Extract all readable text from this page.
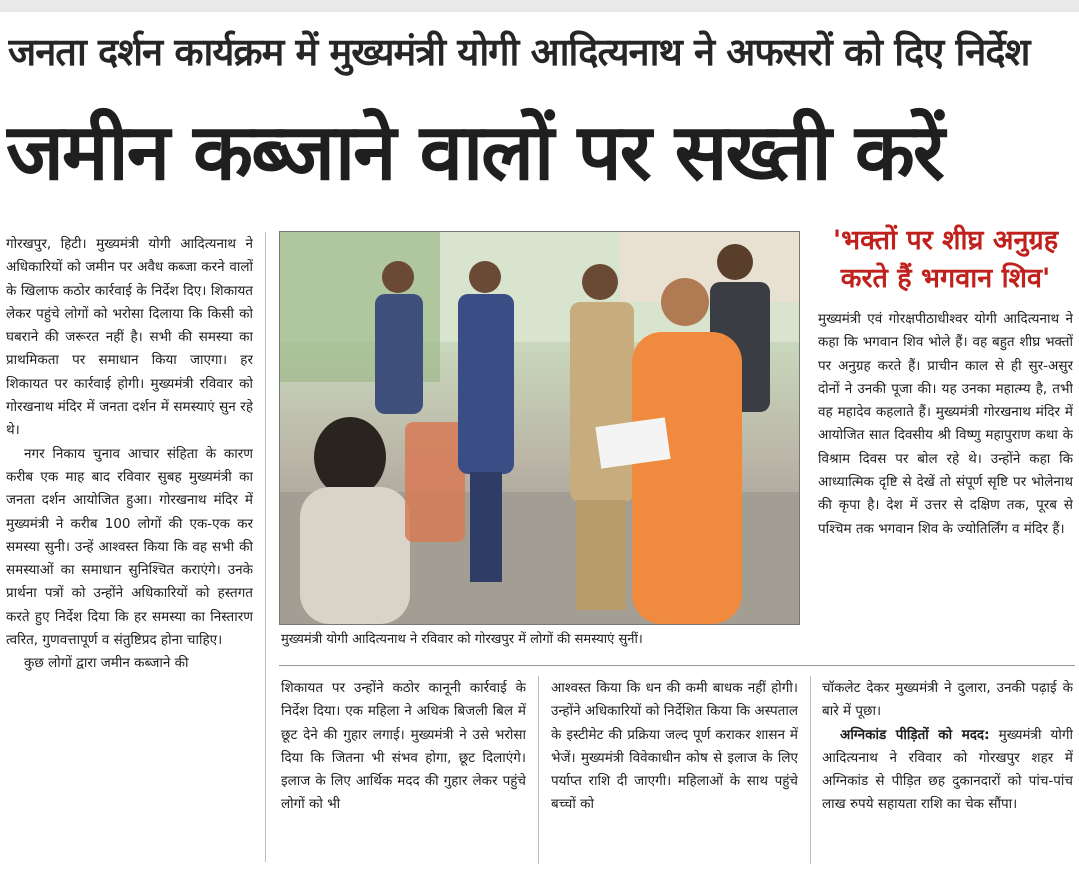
जनता दर्शन कार्यक्रम में मुख्यमंत्री योगी आदित्यनाथ ने अफसरों को दिए निर्देश
जमीन कब्जाने वालों पर सख्ती करें

गोरखपुर, हिटी। मुख्यमंत्री योगी आदित्यनाथ ने अधिकारियों को जमीन पर अवैध कब्जा करने वालों के खिलाफ कठोर कार्रवाई के निर्देश दिए। शिकायत लेकर पहुंचे लोगों को भरोसा दिलाया कि किसी को घबराने की जरूरत नहीं है। सभी की समस्या का प्राथमिकता पर समाधान किया जाएगा। हर शिकायत पर कार्रवाई होगी। मुख्यमंत्री रविवार को गोरखनाथ मंदिर में जनता दर्शन में समस्याएं सुन रहे थे।

नगर निकाय चुनाव आचार संहिता के कारण करीब एक माह बाद रविवार सुबह मुख्यमंत्री का जनता दर्शन आयोजित हुआ। गोरखनाथ मंदिर में मुख्यमंत्री ने करीब 100 लोगों की एक-एक कर समस्या सुनी। उन्हें आश्वस्त किया कि वह सभी की समस्याओं का समाधान सुनिश्चित कराएंगे। उनके प्रार्थना पत्रों को उन्होंने अधिकारियों को हस्तगत करते हुए निर्देश दिया कि हर समस्या का निस्तारण त्वरित, गुणवत्तापूर्ण व संतुष्टिप्रद होना चाहिए।

कुछ लोगों द्वारा जमीन कब्जाने की

मुख्यमंत्री योगी आदित्यनाथ ने रविवार को गोरखपुर में लोगों की समस्याएं सुनीं।
'भक्तों पर शीघ्र अनुग्रह
करते हैं भगवान शिव'

मुख्यमंत्री एवं गोरक्षपीठाधीश्वर योगी आदित्यनाथ ने कहा कि भगवान शिव भोले हैं। वह बहुत शीघ्र भक्तों पर अनुग्रह करते हैं। प्राचीन काल से ही सुर-असुर दोनों ने उनकी पूजा की। यह उनका महात्म्य है, तभी वह महादेव कहलाते हैं। मुख्यमंत्री गोरखनाथ मंदिर में आयोजित सात दिवसीय श्री विष्णु महापुराण कथा के विश्राम दिवस पर बोल रहे थे। उन्होंने कहा कि आध्यात्मिक दृष्टि से देखें तो संपूर्ण सृष्टि पर भोलेनाथ की कृपा है। देश में उत्तर से दक्षिण तक, पूरब से पश्चिम तक भगवान शिव के ज्योतिर्लिंग व मंदिर हैं।

शिकायत पर उन्होंने कठोर कानूनी कार्रवाई के निर्देश दिया। एक महिला ने अधिक बिजली बिल में छूट देने की गुहार लगाई। मुख्यमंत्री ने उसे भरोसा दिया कि जितना भी संभव होगा, छूट दिलाएंगे। इलाज के लिए आर्थिक मदद की गुहार लेकर पहुंचे लोगों को भी

आश्वस्त किया कि धन की कमी बाधक नहीं होगी। उन्होंने अधिकारियों को निर्देशित किया कि अस्पताल के इस्टीमेट की प्रक्रिया जल्द पूर्ण कराकर शासन में भेजें। मुख्यमंत्री विवेकाधीन कोष से इलाज के लिए पर्याप्त राशि दी जाएगी। महिलाओं के साथ पहुंचे बच्चों को

चॉकलेट देकर मुख्यमंत्री ने दुलारा, उनकी पढ़ाई के बारे में पूछा।

अग्निकांड पीड़ितों को मदद: मुख्यमंत्री योगी आदित्यनाथ ने रविवार को गोरखपुर शहर में अग्निकांड से पीड़ित छह दुकानदारों को पांच-पांच लाख रुपये सहायता राशि का चेक सौंपा।
